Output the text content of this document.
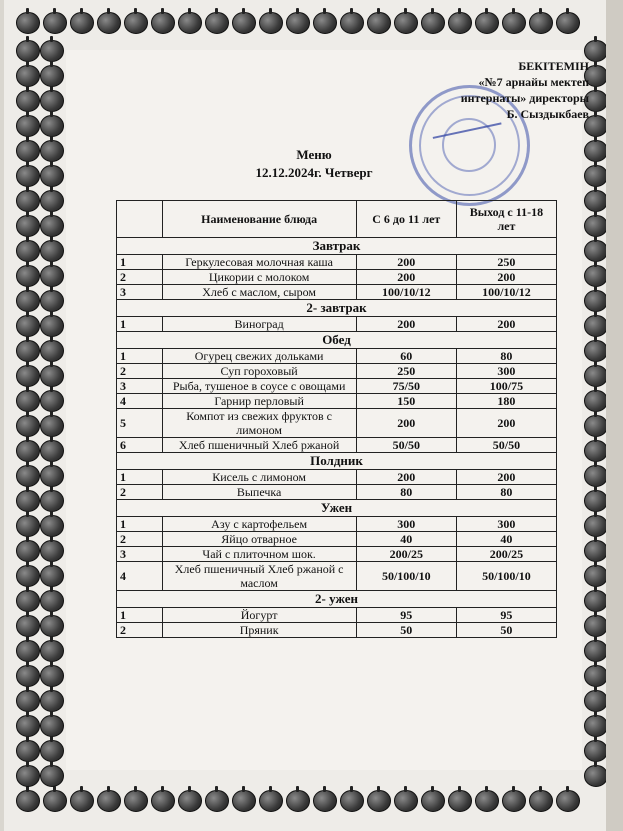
БЕКІТЕМІН
«№7 арнайы мектеп
интернаты» директоры
Б. Сыздыкбаев
Меню
12.12.2024г. Четверг
	Наименование блюда	С 6 до 11 лет	Выход с 11-18 лет
Завтрак			
1	Геркулесовая молочная каша	200	250
2	Цикории с молоком	200	200
3	Хлеб с маслом, сыром	100/10/12	100/10/12
2- завтрак			
1	Виноград	200	200
Обед			
1	Огурец свежих дольками	60	80
2	Суп гороховый	250	300
3	Рыба, тушеное в соусе с овощами	75/50	100/75
4	Гарнир перловый	150	180
5	Компот из свежих фруктов с лимоном	200	200
6	Хлеб пшеничный Хлеб ржаной	50/50	50/50
Полдник			
1	Кисель с лимоном	200	200
2	Выпечка	80	80
Ужен			
1	Азу с картофельем	300	300
2	Яйцо отварное	40	40
3	Чай с плиточном шок.	200/25	200/25
4	Хлеб пшеничный Хлеб ржаной с маслом	50/100/10	50/100/10
2- ужен			
1	Йогурт	95	95
2	Пряник	50	50
